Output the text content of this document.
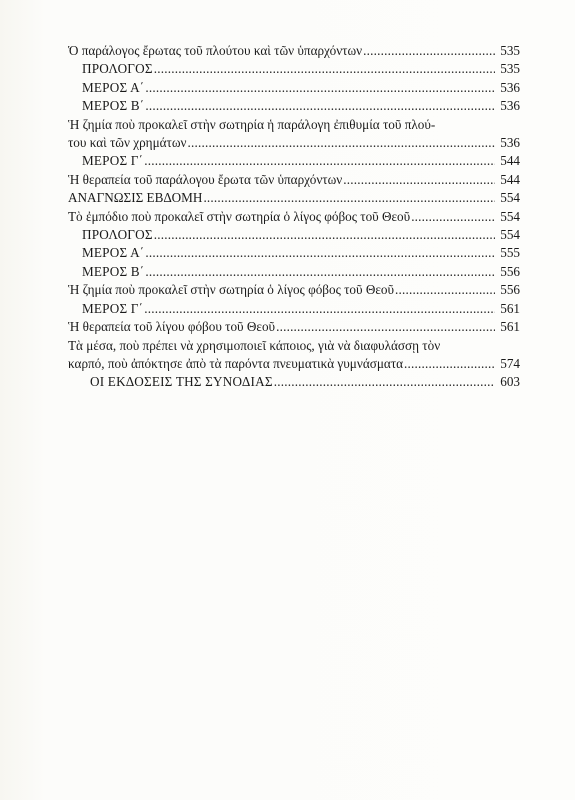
Ὁ παράλογος ἔρωτας τοῦ πλούτου καὶ τῶν ὑπαρχόντων .....	535
ΠΡΟΛΟΓΟΣ .....	535
ΜΕΡΟΣ Α΄ .....	536
ΜΕΡΟΣ Β΄ .....	536
Ἡ ζημία ποὺ προκαλεῖ στὴν σωτηρία ἡ παράλογη ἐπιθυμία τοῦ πλού-
του καὶ τῶν χρημάτων .....	536
ΜΕΡΟΣ Γ΄ .....	544
Ἡ θεραπεία τοῦ παράλογου ἔρωτα τῶν ὑπαρχόντων .....	544
ΑΝΑΓΝΩΣΙΣ ΕΒΔΟΜΗ .....	554
Τὸ ἐμπόδιο ποὺ προκαλεῖ στὴν σωτηρία ὁ λίγος φόβος τοῦ Θεοῦ .....	554
ΠΡΟΛΟΓΟΣ .....	554
ΜΕΡΟΣ Α΄ .....	555
ΜΕΡΟΣ Β΄ .....	556
Ἡ ζημία ποὺ προκαλεῖ στὴν σωτηρία ὁ λίγος φόβος τοῦ Θεοῦ .....	556
ΜΕΡΟΣ Γ΄ .....	561
Ἡ θεραπεία τοῦ λίγου φόβου τοῦ Θεοῦ .....	561
Τὰ μέσα, ποὺ πρέπει νὰ χρησιμοποιεῖ κάποιος, γιὰ νὰ διαφυλάσσῃ τὸν
καρπό, ποὺ ἀπόκτησε ἀπὸ τὰ παρόντα πνευματικὰ γυμνάσματα .....	574
ΟΙ ΕΚΔΟΣΕΙΣ ΤΗΣ ΣΥΝΟΔΙΑΣ .....	603
